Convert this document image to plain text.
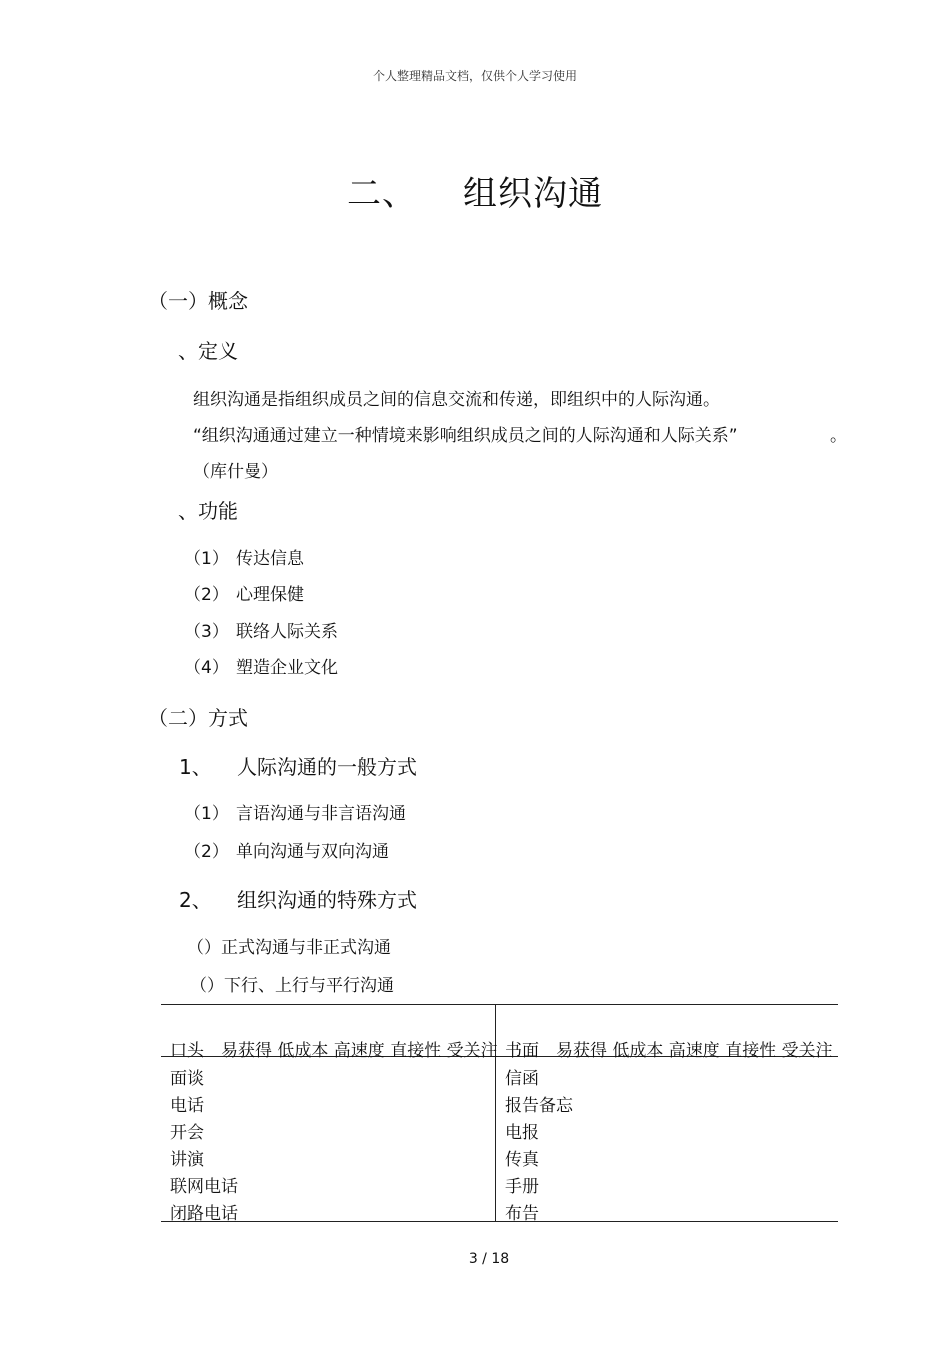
个人整理精品文档，仅供个人学习使用
二、 组织沟通
（一）概念
、定义
组织沟通是指组织成员之间的信息交流和传递，即组织中的人际沟通。
“组织沟通通过建立一种情境来影响组织成员之间的人际沟通和人际关系”	。
（库什曼）
、功能
（1） 传达信息
（2） 心理保健
（3） 联络人际关系
（4） 塑造企业文化
（二）方式
1、 人际沟通的一般方式
（1） 言语沟通与非言语沟通
（2） 单向沟通与双向沟通
2、 组织沟通的特殊方式
（）正式沟通与非正式沟通
（）下行、上行与平行沟通
口头　易获得 低成本 高速度 直接性 受关注 书面　易获得 低成本 高速度 直接性 受关注
面谈
电话
开会
讲演
联网电话
闭路电话
信函
报告备忘
电报
传真
手册
布告
3 / 18
